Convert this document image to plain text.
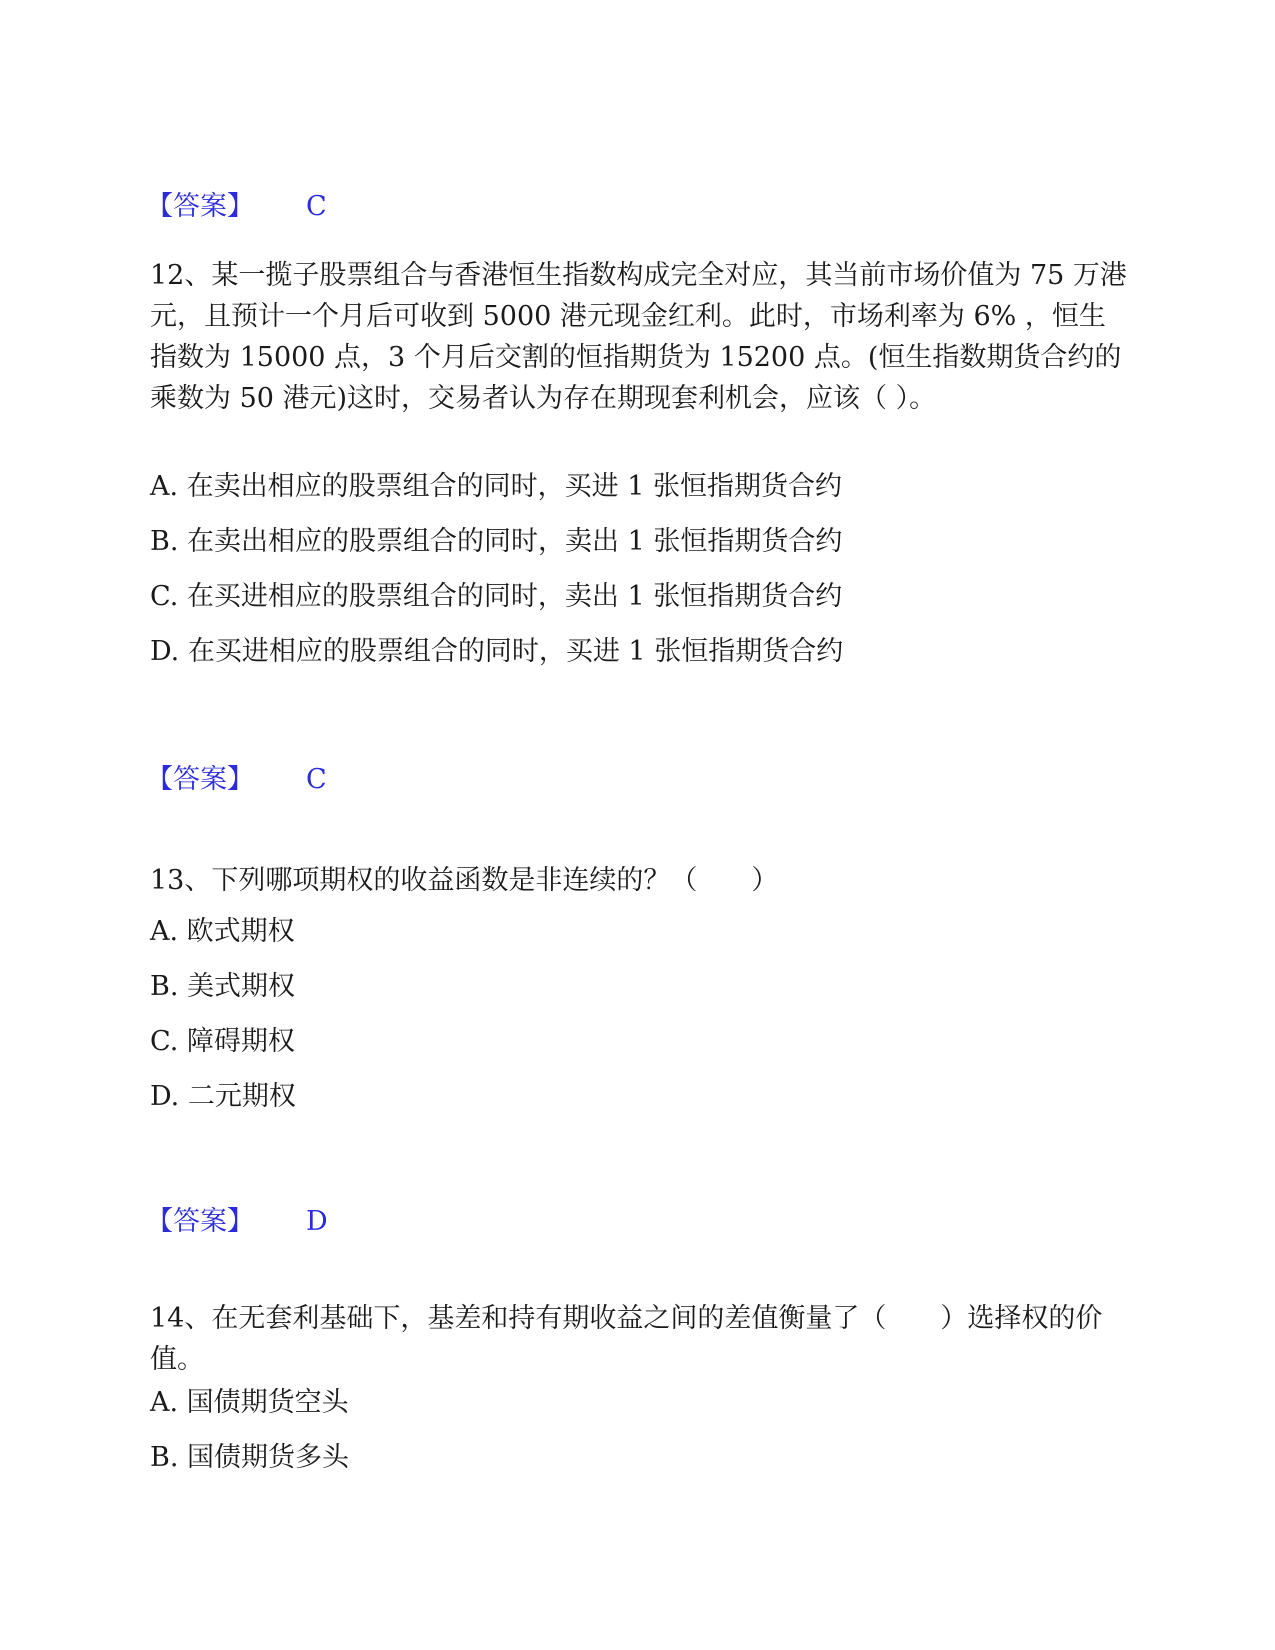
【答案】 C
12、某一揽子股票组合与香港恒生指数构成完全对应，其当前市场价值为 75 万港元，且预计一个月后可收到 5000 港元现金红利。此时，市场利率为 6% ，恒生指数为 15000 点，3 个月后交割的恒指期货为 15200 点。(恒生指数期货合约的乘数为 50 港元)这时，交易者认为存在期现套利机会，应该（ ）。
A. 在卖出相应的股票组合的同时，买进 1 张恒指期货合约
B. 在卖出相应的股票组合的同时，卖出 1 张恒指期货合约
C. 在买进相应的股票组合的同时，卖出 1 张恒指期货合约
D. 在买进相应的股票组合的同时，买进 1 张恒指期货合约
【答案】 C
13、下列哪项期权的收益函数是非连续的？（　　）
A. 欧式期权
B. 美式期权
C. 障碍期权
D. 二元期权
【答案】 D
14、在无套利基础下，基差和持有期收益之间的差值衡量了（　　）选择权的价值。
A. 国债期货空头
B. 国债期货多头
